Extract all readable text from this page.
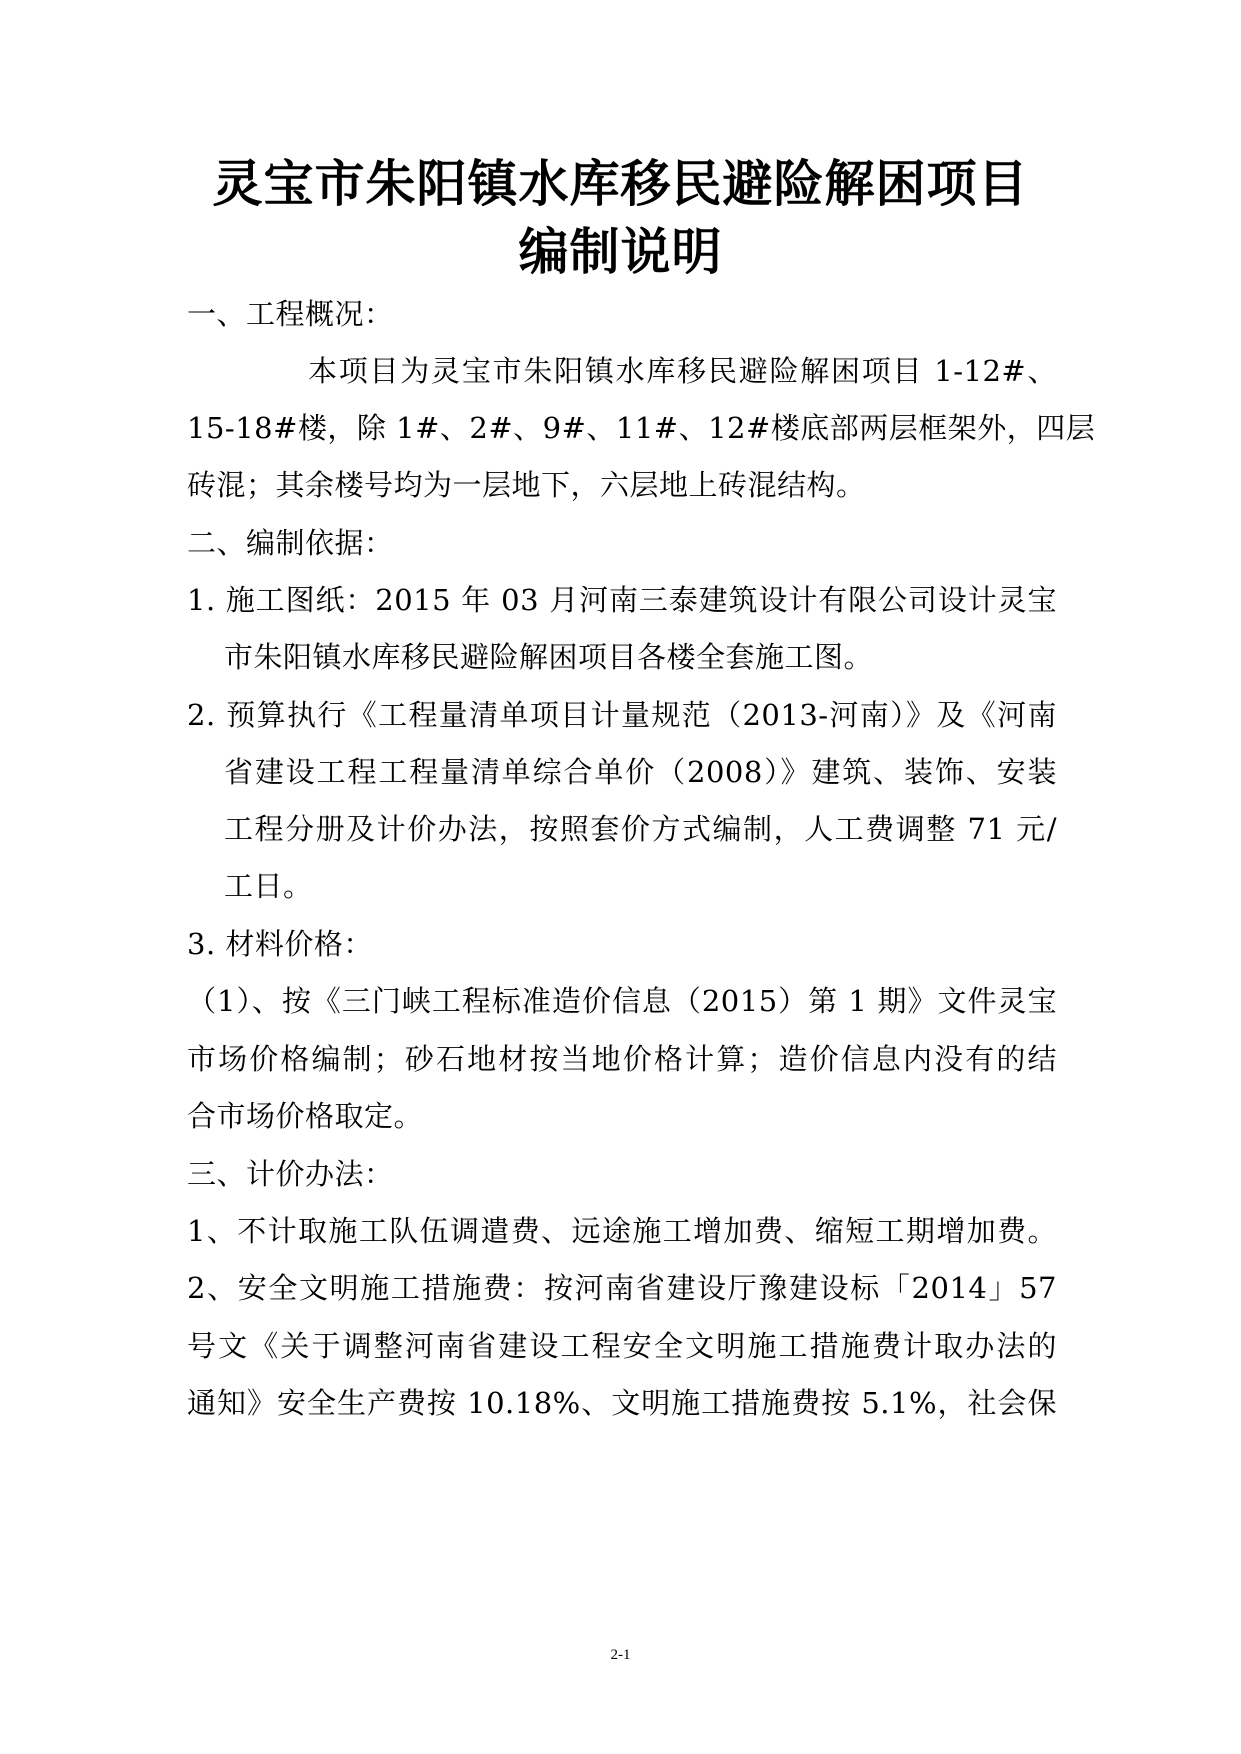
灵宝市朱阳镇水库移民避险解困项目
编制说明
一、工程概况：
本项目为灵宝市朱阳镇水库移民避险解困项目 1-12#、
15-18#楼，除 1#、2#、9#、11#、12#楼底部两层框架外，四层
砖混；其余楼号均为一层地下，六层地上砖混结构。
二、编制依据：
1. 施工图纸：2015 年 03 月河南三泰建筑设计有限公司设计灵宝
市朱阳镇水库移民避险解困项目各楼全套施工图。
2. 预算执行《工程量清单项目计量规范（2013-河南）》及《河南
省建设工程工程量清单综合单价（2008）》建筑、装饰、安装
工程分册及计价办法，按照套价方式编制，人工费调整 71 元/
工日。
3. 材料价格：
（1）、按《三门峡工程标准造价信息（2015）第 1 期》文件灵宝
市场价格编制；砂石地材按当地价格计算；造价信息内没有的结
合市场价格取定。
三、计价办法：
1、不计取施工队伍调遣费、远途施工增加费、缩短工期增加费。
2、安全文明施工措施费：按河南省建设厅豫建设标「2014」57
号文《关于调整河南省建设工程安全文明施工措施费计取办法的
通知》安全生产费按 10.18%、文明施工措施费按 5.1%，社会保
2-1
